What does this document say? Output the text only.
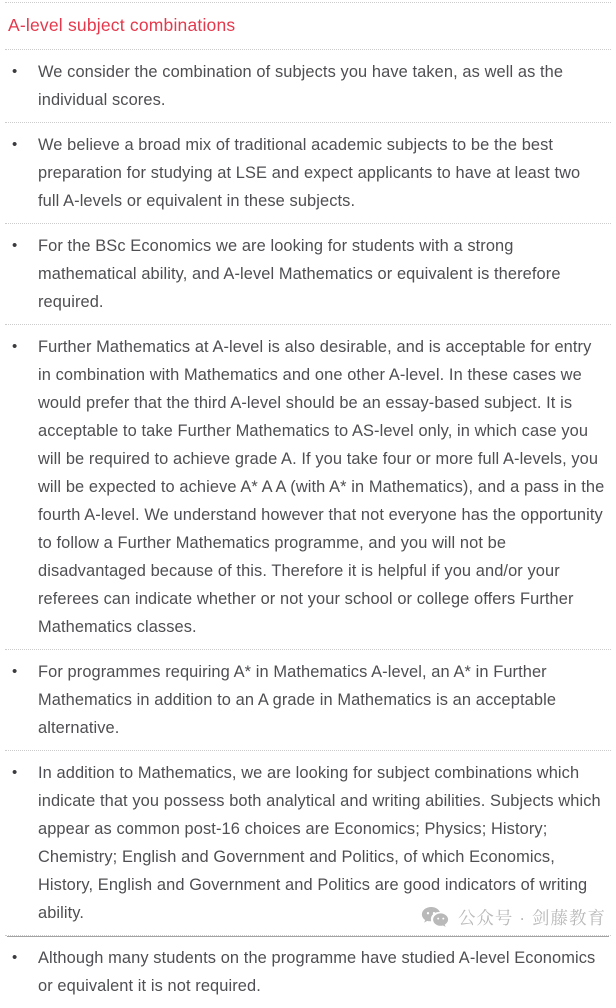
A-level subject combinations
• We consider the combination of subjects you have taken, as well as the individual scores.

• We believe a broad mix of traditional academic subjects to be the best preparation for studying at LSE and expect applicants to have at least two full A-levels or equivalent in these subjects.

• For the BSc Economics we are looking for students with a strong mathematical ability, and A-level Mathematics or equivalent is therefore required.

• Further Mathematics at A-level is also desirable, and is acceptable for entry in combination with Mathematics and one other A-level. In these cases we would prefer that the third A-level should be an essay-based subject. It is acceptable to take Further Mathematics to AS-level only, in which case you will be required to achieve grade A. If you take four or more full A-levels, you will be expected to achieve A* A A (with A* in Mathematics), and a pass in the fourth A-level. We understand however that not everyone has the opportunity to follow a Further Mathematics programme, and you will not be disadvantaged because of this. Therefore it is helpful if you and/or your referees can indicate whether or not your school or college offers Further Mathematics classes.

• For programmes requiring A* in Mathematics A-level, an A* in Further Mathematics in addition to an A grade in Mathematics is an acceptable alternative.

• In addition to Mathematics, we are looking for subject combinations which indicate that you possess both analytical and writing abilities. Subjects which appear as common post-16 choices are Economics; Physics; History; Chemistry; English and Government and Politics, of which Economics, History, English and Government and Politics are good indicators of writing ability.

• Although many students on the programme have studied A-level Economics or equivalent it is not required.

公众号 · 剑藤教育
